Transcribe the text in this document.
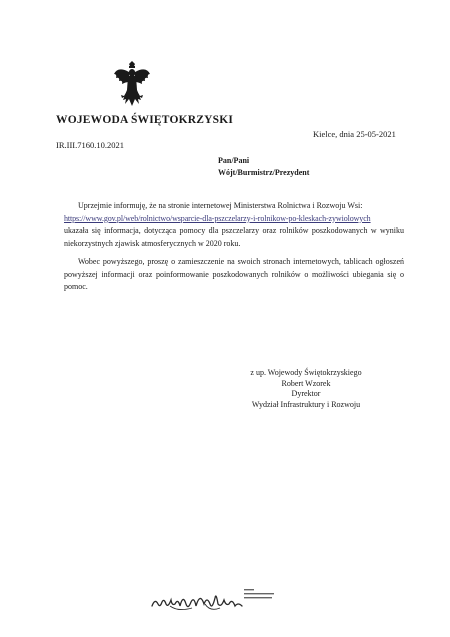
WOJEWODA ŚWIĘTOKRZYSKI
IR.III.7160.10.2021
Kielce, dnia 25-05-2021
Pan/Pani
Wójt/Burmistrz/Prezydent
Uprzejmie informuję, że na stronie internetowej Ministerstwa Rolnictwa i Rozwoju Wsi:
https://www.gov.pl/web/rolnictwo/wsparcie-dla-pszczelarzy-i-rolnikow-po-kleskach-zywiolowych
ukazała się informacja, dotycząca pomocy dla pszczelarzy oraz rolników poszkodowanych w wyniku niekorzystnych zjawisk atmosferycznych w 2020 roku.
Wobec powyższego, proszę o zamieszczenie na swoich stronach internetowych, tablicach ogłoszeń powyższej informacji oraz poinformowanie poszkodowanych rolników o możliwości ubiegania się o pomoc.
z up. Wojewody Świętokrzyskiego
Robert Wzorek
Dyrektor
Wydział Infrastruktury i Rozwoju
